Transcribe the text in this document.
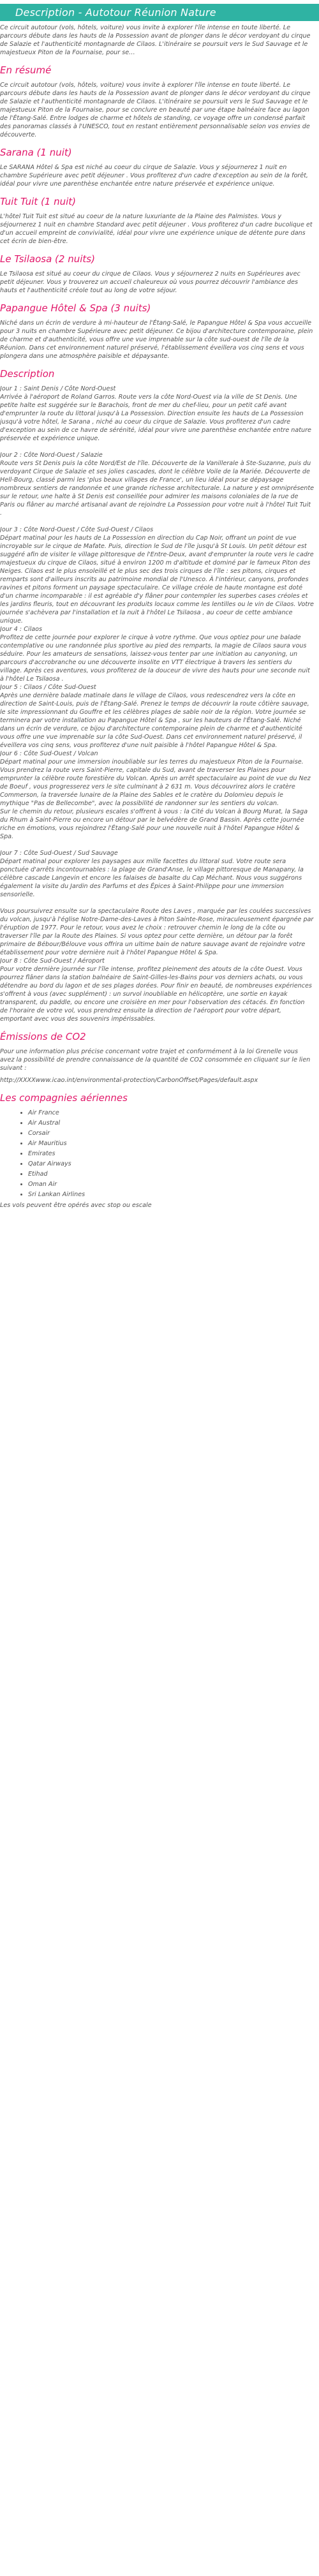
Description - Autotour Réunion Nature

Ce circuit autotour (vols, hôtels, voiture) vous invite à explorer l'île intense en toute liberté. Le parcours débute dans les hauts de la Possession avant de plonger dans le décor verdoyant du cirque de Salazie et l'authenticité montagnarde de Cilaos. L'itinéraire se poursuit vers le Sud Sauvage et le majestueux Piton de la Fournaise, pour se…

En résumé

Ce circuit autotour (vols, hôtels, voiture) vous invite à explorer l'île intense en toute liberté. Le parcours débute dans les hauts de la Possession avant de plonger dans le décor verdoyant du cirque de Salazie et l'authenticité montagnarde de Cilaos. L'itinéraire se poursuit vers le Sud Sauvage et le majestueux Piton de la Fournaise, pour se conclure en beauté par une étape balnéaire face au lagon de l'Étang-Salé. Entre lodges de charme et hôtels de standing, ce voyage offre un condensé parfait des panoramas classés à l'UNESCO, tout en restant entièrement personnalisable selon vos envies de découverte.

Sarana (1 nuit)

Le SARANA Hôtel & Spa est niché au coeur du cirque de Salazie. Vous y séjournerez 1 nuit en chambre Supérieure avec petit déjeuner . Vous profiterez d'un cadre d'exception au sein de la forêt, idéal pour vivre une parenthèse enchantée entre nature préservée et expérience unique.

Tuit Tuit (1 nuit)

L'hôtel Tuit Tuit est situé au coeur de la nature luxuriante de la Plaine des Palmistes. Vous y séjournerez 1 nuit en chambre Standard avec petit déjeuner . Vous profiterez d'un cadre bucolique et d'un accueil empreint de convivialité, idéal pour vivre une expérience unique de détente pure dans cet écrin de bien-être.

Le Tsilaosa (2 nuits)

Le Tsilaosa est situé au coeur du cirque de Cilaos. Vous y séjournerez 2 nuits en Supérieures avec petit déjeuner. Vous y trouverez un accueil chaleureux où vous pourrez découvrir l'ambiance des hauts et l'authenticité créole tout au long de votre séjour.

Papangue Hôtel & Spa (3 nuits)

Niché dans un écrin de verdure à mi-hauteur de l'Étang-Salé, le Papangue Hôtel & Spa vous accueille pour 3 nuits en chambre Supérieure avec petit déjeuner. Ce bijou d'architecture contemporaine, plein de charme et d'authenticité, vous offre une vue imprenable sur la côte sud-ouest de l'île de la Réunion. Dans cet environnement naturel préservé, l'établissement éveillera vos cinq sens et vous plongera dans une atmosphère paisible et dépaysante.

Description

Jour 1 : Saint Denis / Côte Nord-Ouest
Arrivée à l'aéroport de Roland Garros. Route vers la côte Nord-Ouest via la ville de St Denis. Une petite halte est suggérée sur le Barachois, front de mer du chef-lieu, pour un petit café avant d'emprunter la route du littoral jusqu'à La Possession. Direction ensuite les hauts de La Possession jusqu'à votre hôtel, le Sarana , niché au coeur du cirque de Salazie. Vous profiterez d'un cadre d'exception au sein de ce havre de sérénité, idéal pour vivre une parenthèse enchantée entre nature préservée et expérience unique.

Jour 2 : Côte Nord-Ouest / Salazie
Route vers St Denis puis la côte Nord/Est de l'île. Découverte de la Vanillerale à Ste-Suzanne, puis du verdoyant Cirque de Salazie et ses jolies cascades, dont le célèbre Voile de la Mariée. Découverte de Hell-Bourg, classé parmi les 'plus beaux villages de France', un lieu idéal pour se dépaysage nombreux sentiers de randonnée et une grande richesse architecturale. La nature y est omniprésente sur le retour, une halte à St Denis est conseillée pour admirer les maisons coloniales de la rue de Paris ou flâner au marché artisanal avant de rejoindre La Possession pour votre nuit à l'hôtel Tuit Tuit .

Jour 3 : Côte Nord-Ouest / Côte Sud-Ouest / Cilaos
Départ matinal pour les hauts de La Possession en direction du Cap Noir, offrant un point de vue incroyable sur le cirque de Mafate. Puis, direction le Sud de l'île jusqu'à St Louis. Un petit détour est suggéré afin de visiter le village pittoresque de l'Entre-Deux, avant d'emprunter la route vers le cadre majestueux du cirque de Cilaos, situé à environ 1200 m d'altitude et dominé par le fameux Piton des Neiges. Cilaos est le plus ensoleillé et le plus sec des trois cirques de l'île : ses pitons, cirques et remparts sont d'ailleurs inscrits au patrimoine mondial de l'Unesco. À l'intérieur, canyons, profondes ravines et pitons forment un paysage spectaculaire. Ce village créole de haute montagne est doté d'un charme incomparable : il est agréable d'y flâner pour contempler les superbes cases créoles et les jardins fleuris, tout en découvrant les produits locaux comme les lentilles ou le vin de Cilaos. Votre journée s'achèvera par l'installation et la nuit à l'hôtel Le Tsilaosa , au coeur de cette ambiance unique.
Jour 4 : Cilaos
Profitez de cette journée pour explorer le cirque à votre rythme. Que vous optiez pour une balade contemplative ou une randonnée plus sportive au pied des remparts, la magie de Cilaos saura vous séduire. Pour les amateurs de sensations, laissez-vous tenter par une initiation au canyoning, un parcours d'accrobranche ou une découverte insolite en VTT électrique à travers les sentiers du village. Après ces aventures, vous profiterez de la douceur de vivre des hauts pour une seconde nuit à l'hôtel Le Tsilaosa .
Jour 5 : Cilaos / Côte Sud-Ouest
Après une dernière balade matinale dans le village de Cilaos, vous redescendrez vers la côte en direction de Saint-Louis, puis de l'Étang-Salé. Prenez le temps de découvrir la route côtière sauvage, le site impressionnant du Gouffre et les célèbres plages de sable noir de la région. Votre journée se terminera par votre installation au Papangue Hôtel & Spa , sur les hauteurs de l'Étang-Salé. Niché dans un écrin de verdure, ce bijou d'architecture contemporaine plein de charme et d'authenticité vous offre une vue imprenable sur la côte Sud-Ouest. Dans cet environnement naturel préservé, il éveillera vos cinq sens, vous profiterez d'une nuit paisible à l'hôtel Papangue Hôtel & Spa.
Jour 6 : Côte Sud-Ouest / Volcan
Départ matinal pour une immersion inoubliable sur les terres du majestueux Piton de la Fournaise. Vous prendrez la route vers Saint-Pierre, capitale du Sud, avant de traverser les Plaines pour emprunter la célèbre route forestière du Volcan. Après un arrêt spectaculaire au point de vue du Nez de Boeuf , vous progresserez vers le site culminant à 2 631 m. Vous découvrirez alors le cratère Commerson, la traversée lunaire de la Plaine des Sables et le cratère du Dolomieu depuis le mythique "Pas de Bellecombe", avec la possibilité de randonner sur les sentiers du volcan.
Sur le chemin du retour, plusieurs escales s'offrent à vous : la Cité du Volcan à Bourg Murat, la Saga du Rhum à Saint-Pierre ou encore un détour par le belvédère de Grand Bassin. Après cette journée riche en émotions, vous rejoindrez l'Étang-Salé pour une nouvelle nuit à l'hôtel Papangue Hôtel & Spa.

Jour 7 : Côte Sud-Ouest / Sud Sauvage
Départ matinal pour explorer les paysages aux mille facettes du littoral sud. Votre route sera ponctuée d'arrêts incontournables : la plage de Grand'Anse, le village pittoresque de Manapany, la célèbre cascade Langevin et encore les falaises de basalte du Cap Méchant. Nous vous suggérons également la visite du Jardin des Parfums et des Épices à Saint-Philippe pour une immersion sensorielle.

Vous poursuivrez ensuite sur la spectaculaire Route des Laves , marquée par les coulées successives du volcan, jusqu'à l'église Notre-Dame-des-Laves à Piton Sainte-Rose, miraculeusement épargnée par l'éruption de 1977. Pour le retour, vous avez le choix : retrouver chemin le long de la côte ou traverser l'île par la Route des Plaines. Si vous optez pour cette dernière, un détour par la forêt primaire de Bébour/Bélouve vous offrira un ultime bain de nature sauvage avant de rejoindre votre établissement pour votre dernière nuit à l'hôtel Papangue Hôtel & Spa.
Jour 8 : Côte Sud-Ouest / Aéroport
Pour votre dernière journée sur l'île intense, profitez pleinement des atouts de la côte Ouest. Vous pourrez flâner dans la station balnéaire de Saint-Gilles-les-Bains pour vos derniers achats, ou vous détendre au bord du lagon et de ses plages dorées. Pour finir en beauté, de nombreuses expériences s'offrent à vous (avec supplément) : un survol inoubliable en hélicoptère, une sortie en kayak transparent, du paddle, ou encore une croisière en mer pour l'observation des cétacés. En fonction de l'horaire de votre vol, vous prendrez ensuite la direction de l'aéroport pour votre départ, emportant avec vous des souvenirs impérissables.

Émissions de CO2

Pour une information plus précise concernant votre trajet et conformément à la loi Grenelle vous avez la possibilité de prendre connaissance de la quantité de CO2 consommée en cliquant sur le lien suivant :

http://XXXXwww.icao.int/environmental-protection/CarbonOffset/Pages/default.aspx

Les compagnies aériennes
• Air France
• Air Austral
• Corsair
• Air Mauritius
• Emirates
• Qatar Airways
• Etihad
• Oman Air
• Sri Lankan Airlines

Les vols peuvent être opérés avec stop ou escale
